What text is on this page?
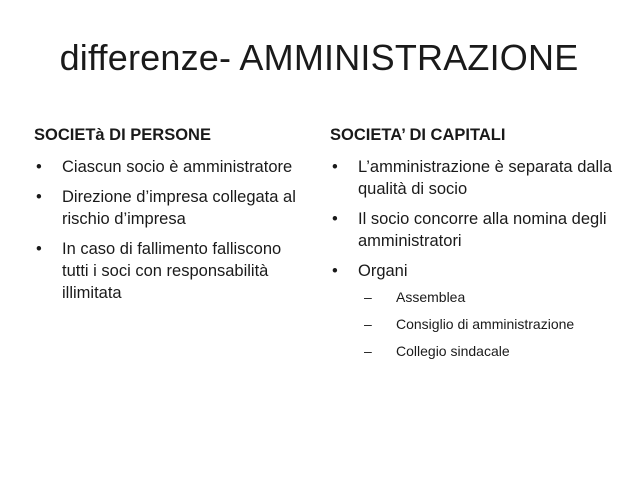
differenze- AMMINISTRAZIONE
SOCIETà DI PERSONE
• Ciascun socio è amministratore
• Direzione d’impresa collegata al rischio d’impresa
• In caso di fallimento falliscono tutti i soci con responsabilità illimitata
SOCIETA’ DI CAPITALI
• L’amministrazione è separata dalla qualità di socio
• Il socio concorre alla nomina degli amministratori
• Organi
– Assemblea
– Consiglio di amministrazione
– Collegio sindacale
